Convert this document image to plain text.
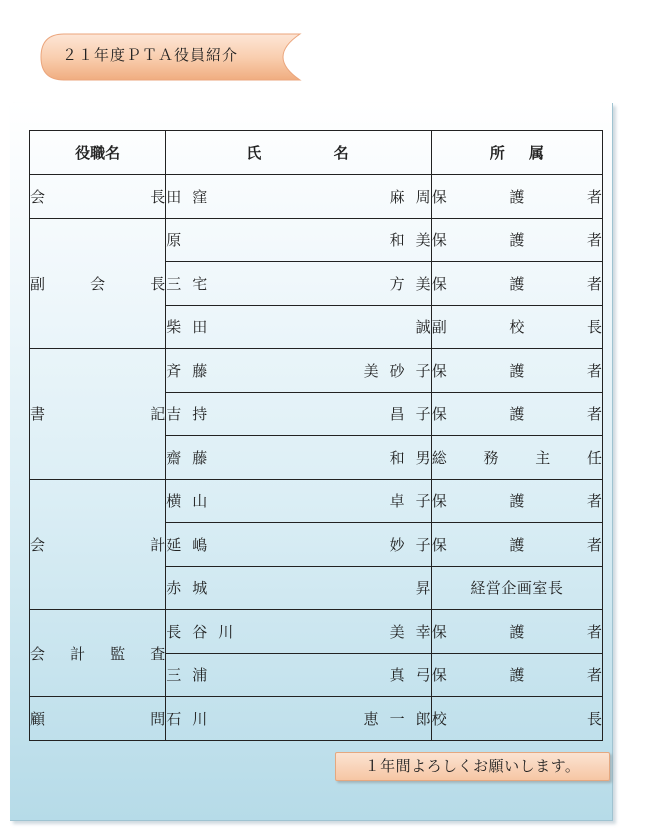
２１年度ＰＴＡ役員紹介
役職名	氏 名	所 属

会 長	田 窪 麻 周	保 護 者

副 会 長	原 和 美	保 護 者

	三 宅 方 美	保 護 者

	柴 田 誠	副 校 長

書 記	斉 藤 美 砂 子	保 護 者

	吉 持 昌 子	保 護 者

	齋 藤 和 男	総 務 主 任

会 計	横 山 卓 子	保 護 者

	延 嶋 妙 子	保 護 者

	赤 城 昇	経営企画室長

会 計 監 査	長 谷 川 美 幸	保 護 者

	三 浦 真 弓	保 護 者

顧 問	石 川 恵 一 郎	校 長
１年間よろしくお願いします。
